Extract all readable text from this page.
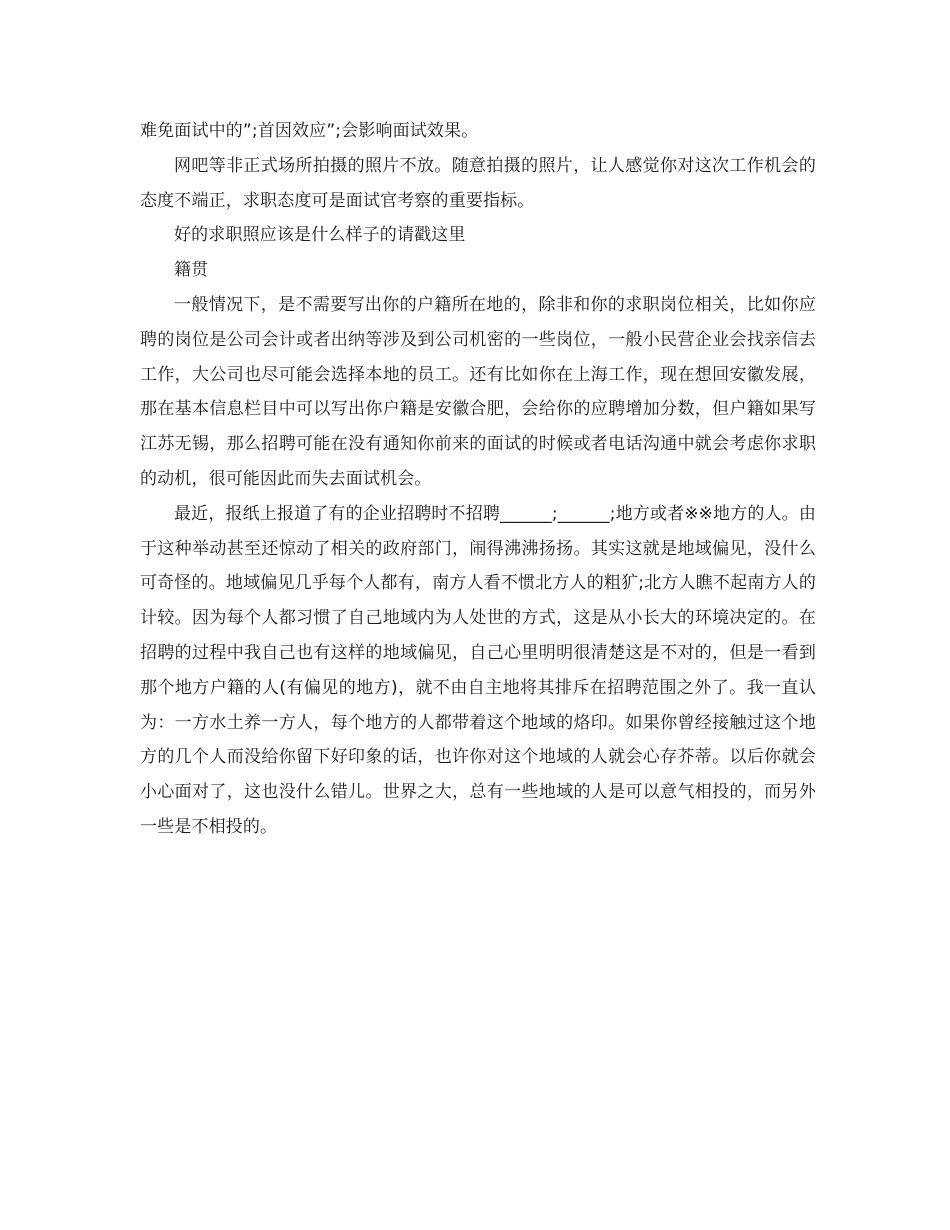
难免面试中的”;首因效应”;会影响面试效果。

网吧等非正式场所拍摄的照片不放。随意拍摄的照片，让人感觉你对这次工作机会的态度不端正，求职态度可是面试官考察的重要指标。

好的求职照应该是什么样子的请戳这里

籍贯

一般情况下，是不需要写出你的户籍所在地的，除非和你的求职岗位相关，比如你应聘的岗位是公司会计或者出纳等涉及到公司机密的一些岗位，一般小民营企业会找亲信去工作，大公司也尽可能会选择本地的员工。还有比如你在上海工作，现在想回安徽发展，那在基本信息栏目中可以写出你户籍是安徽合肥，会给你的应聘增加分数，但户籍如果写江苏无锡，那么招聘可能在没有通知你前来的面试的时候或者电话沟通中就会考虑你求职的动机，很可能因此而失去面试机会。

最近，报纸上报道了有的企业招聘时不招聘______;______;地方或者※※地方的人。由于这种举动甚至还惊动了相关的政府部门，闹得沸沸扬扬。其实这就是地域偏见，没什么可奇怪的。地域偏见几乎每个人都有，南方人看不惯北方人的粗犷;北方人瞧不起南方人的计较。因为每个人都习惯了自己地域内为人处世的方式，这是从小长大的环境决定的。在招聘的过程中我自己也有这样的地域偏见，自己心里明明很清楚这是不对的，但是一看到那个地方户籍的人(有偏见的地方)，就不由自主地将其排斥在招聘范围之外了。我一直认为：一方水土养一方人，每个地方的人都带着这个地域的烙印。如果你曾经接触过这个地方的几个人而没给你留下好印象的话，也许你对这个地域的人就会心存芥蒂。以后你就会小心面对了，这也没什么错儿。世界之大，总有一些地域的人是可以意气相投的，而另外一些是不相投的。
